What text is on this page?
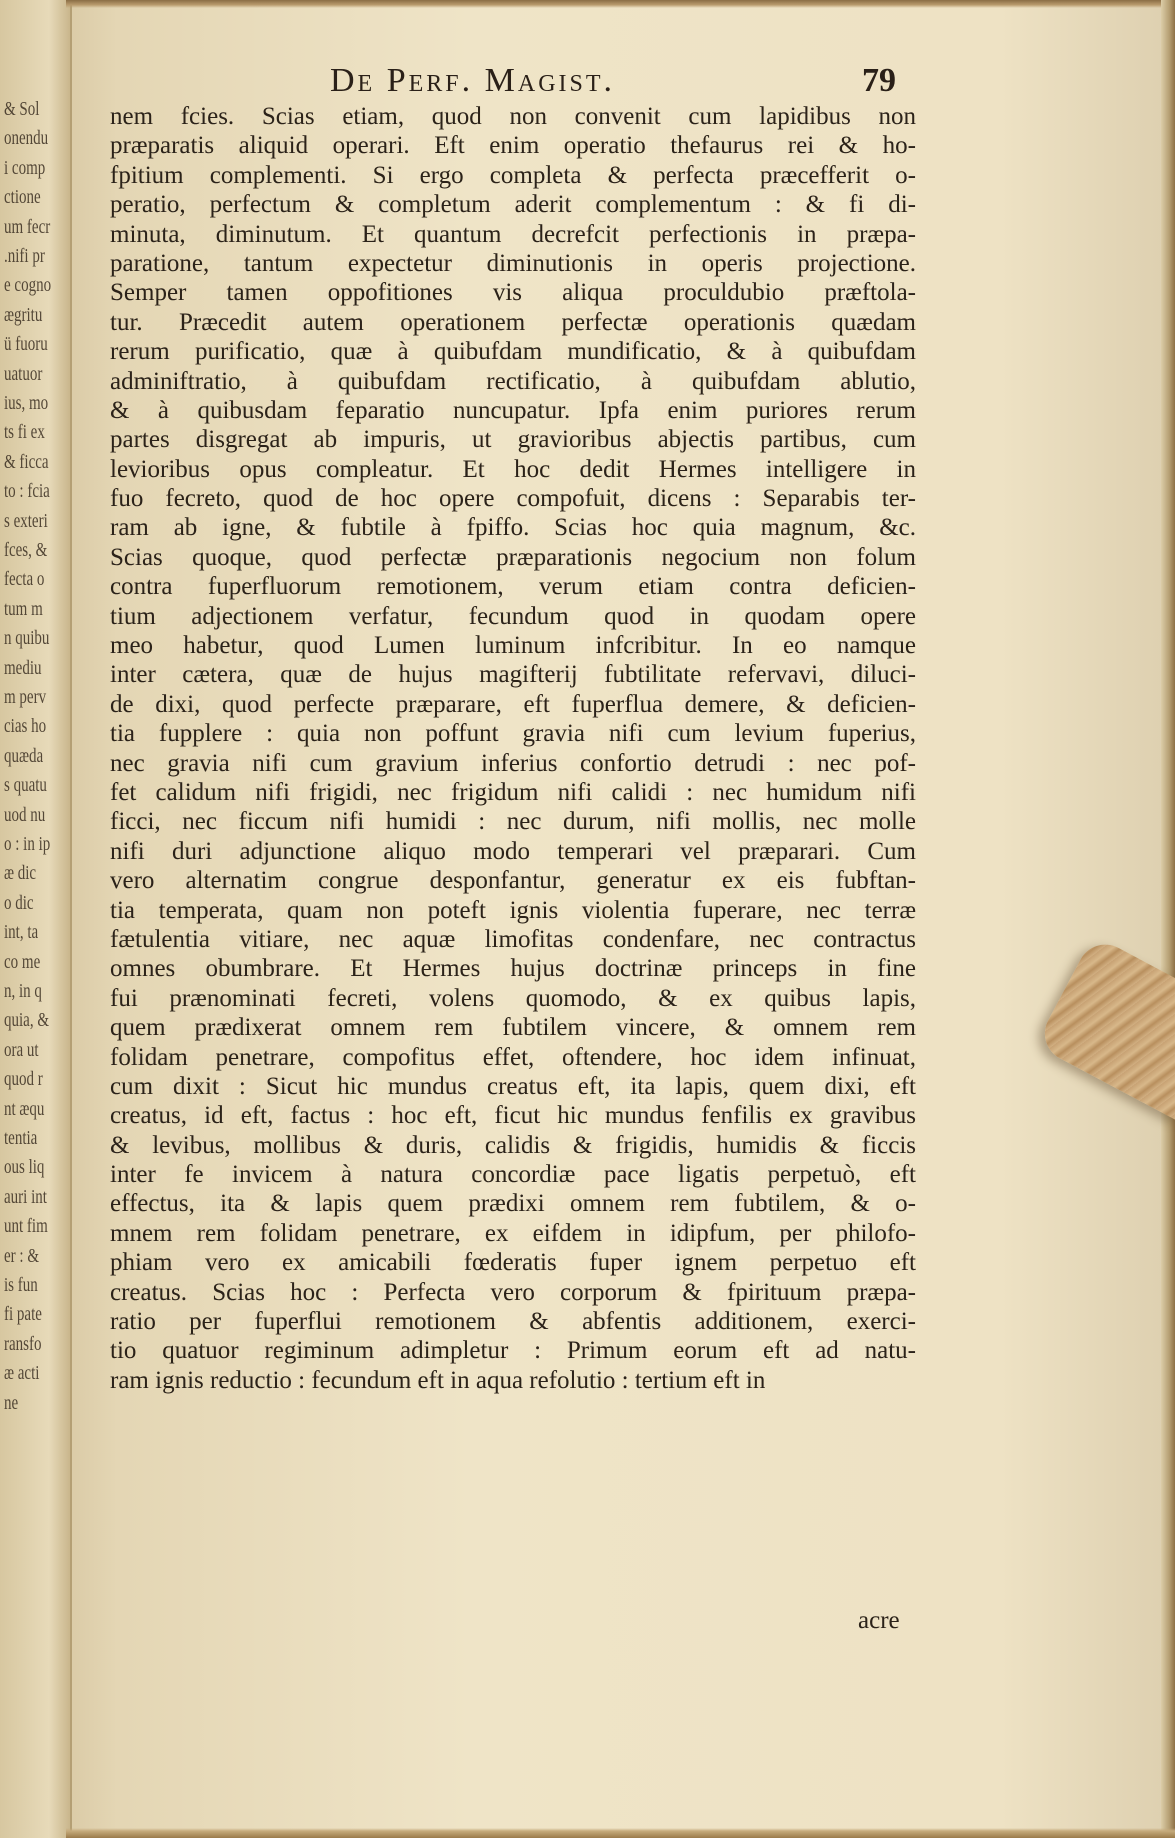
& Sol
onendu
i comp
ctione
um fecr
.nifi pr
e cogno
ægritu
ü fuoru
uatuor
ius, mo
ts fi ex
& ficca
to : fcia
s exteri
fces, &
fecta o
tum m
n quibu
mediu
m perv
cias ho
quæda
s quatu
uod nu
o : in ip
æ dic
o dic
int, ta
co me
n, in q
quia, &
ora ut
quod r
nt æqu
tentia
ous liq
auri int
unt fim
er : &
is fun
fi pate
ransfo
æ acti
ne
De Perf. Magist.	79
nem fcies. Scias etiam, quod non convenit cum lapidibus non
præparatis aliquid operari. Eft enim operatio thefaurus rei & ho-
fpitium complementi. Si ergo completa & perfecta præcefferit o-
peratio, perfectum & completum aderit complementum : & fi di-
minuta, diminutum. Et quantum decrefcit perfectionis in præpa-
paratione, tantum expectetur diminutionis in operis projectione.
Semper tamen oppofitiones vis aliqua proculdubio præftola-
tur. Præcedit autem operationem perfectæ operationis quædam
rerum purificatio, quæ à quibufdam mundificatio, & à quibufdam
adminiftratio, à quibufdam rectificatio, à quibufdam ablutio,
& à quibusdam feparatio nuncupatur. Ipfa enim puriores rerum
partes disgregat ab impuris, ut gravioribus abjectis partibus, cum
levioribus opus compleatur. Et hoc dedit Hermes intelligere in
fuo fecreto, quod de hoc opere compofuit, dicens : Separabis ter-
ram ab igne, & fubtile à fpiffo. Scias hoc quia magnum, &c.
Scias quoque, quod perfectæ præparationis negocium non folum
contra fuperfluorum remotionem, verum etiam contra deficien-
tium adjectionem verfatur, fecundum quod in quodam opere
meo habetur, quod Lumen luminum infcribitur. In eo namque
inter cætera, quæ de hujus magifterij fubtilitate refervavi, diluci-
de dixi, quod perfecte præparare, eft fuperflua demere, & deficien-
tia fupplere : quia non poffunt gravia nifi cum levium fuperius,
nec gravia nifi cum gravium inferius confortio detrudi : nec pof-
fet calidum nifi frigidi, nec frigidum nifi calidi : nec humidum nifi
ficci, nec ficcum nifi humidi : nec durum, nifi mollis, nec molle
nifi duri adjunctione aliquo modo temperari vel præparari. Cum
vero alternatim congrue desponfantur, generatur ex eis fubftan-
tia temperata, quam non poteft ignis violentia fuperare, nec terræ
fætulentia vitiare, nec aquæ limofitas condenfare, nec contractus
omnes obumbrare. Et Hermes hujus doctrinæ princeps in fine
fui prænominati fecreti, volens quomodo, & ex quibus lapis,
quem prædixerat omnem rem fubtilem vincere, & omnem rem
folidam penetrare, compofitus effet, oftendere, hoc idem infinuat,
cum dixit : Sicut hic mundus creatus eft, ita lapis, quem dixi, eft
creatus, id eft, factus : hoc eft, ficut hic mundus fenfilis ex gravibus
& levibus, mollibus & duris, calidis & frigidis, humidis & ficcis
inter fe invicem à natura concordiæ pace ligatis perpetuò, eft
effectus, ita & lapis quem prædixi omnem rem fubtilem, & o-
mnem rem folidam penetrare, ex eifdem in idipfum, per philofo-
phiam vero ex amicabili fœderatis fuper ignem perpetuo eft
creatus. Scias hoc : Perfecta vero corporum & fpirituum præpa-
ratio per fuperflui remotionem & abfentis additionem, exerci-
tio quatuor regiminum adimpletur : Primum eorum eft ad natu-
ram ignis reductio : fecundum eft in aqua refolutio : tertium eft in
acre
